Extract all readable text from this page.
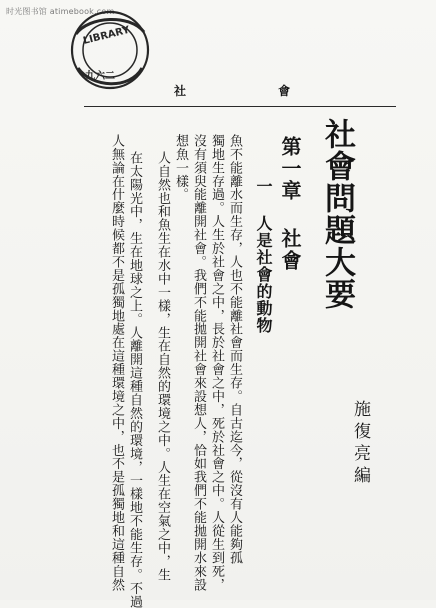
时光图书馆 atimebook.com
LIBRARY
九六二
社 會
社會問題大要
第一章 社會
一 人是社會的動物
施復亮編
魚不能離水而生存，人也不能離社會而生存。自古迄今，從沒有人能夠孤
獨地生存過。人生於社會之中，長於社會之中，死於社會之中。人從生到死，
沒有須臾能離開社會。我們不能拋開社會來設想人，恰如我們不能拋開水來設
想魚一樣。
人自然也和魚生在水中一樣，生在自然的環境之中。人生在空氣之中，生
在太陽光中，生在地球之上。人離開這種自然的環境，一樣地不能生存。不過
人無論在什麼時候都不是孤獨地處在這種環境之中，也不是孤獨地和這種自然
